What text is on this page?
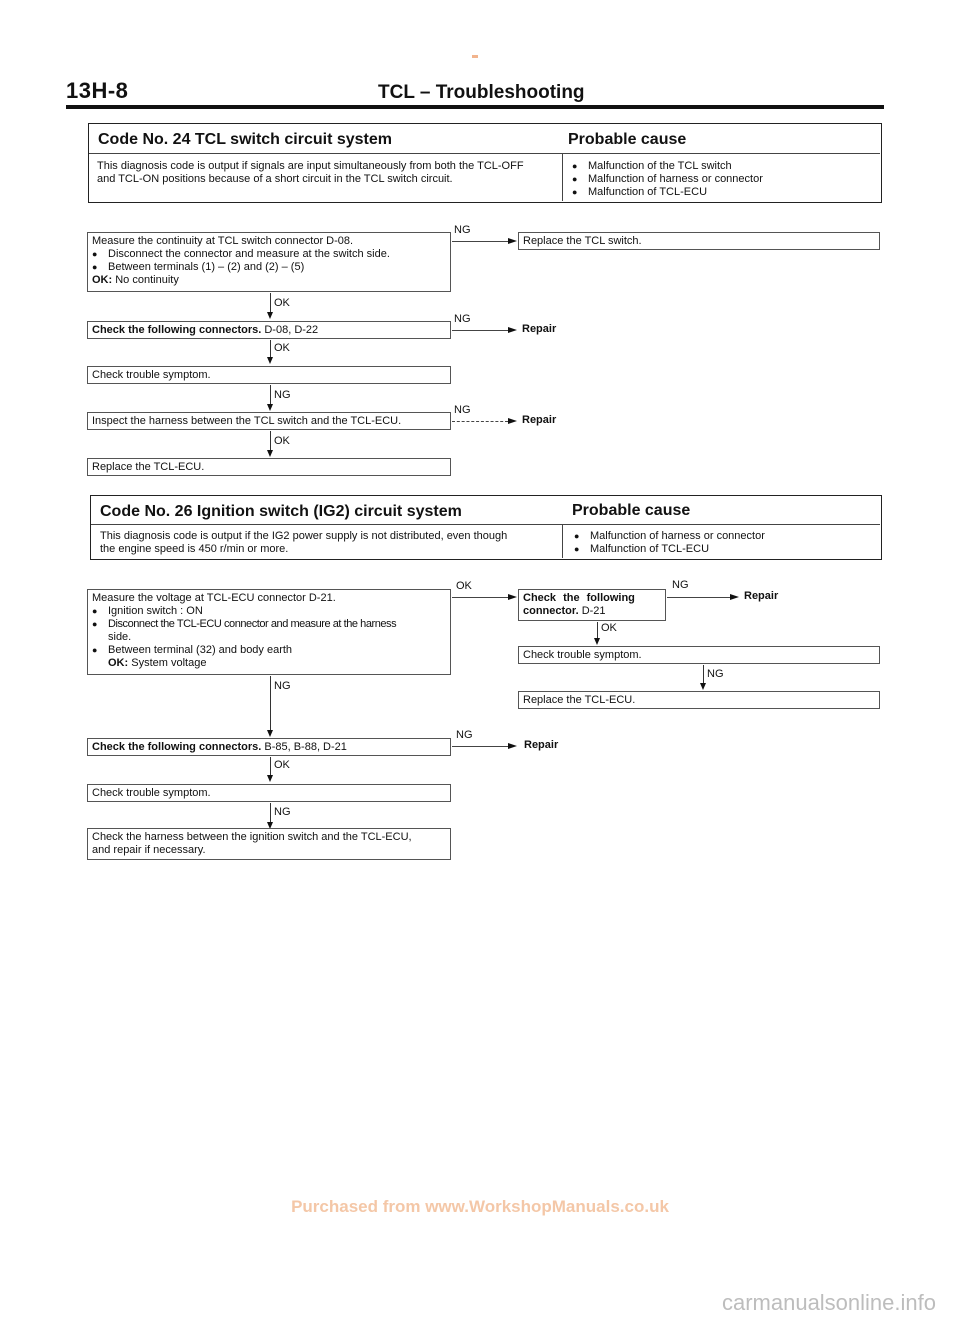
13H-8	TCL – Troubleshooting
Code No. 24 TCL switch circuit system	Probable cause
This diagnosis code is output if signals are input simultaneously from both the TCL-OFF
and TCL-ON positions because of a short circuit in the TCL switch circuit.
● Malfunction of the TCL switch
● Malfunction of harness or connector
● Malfunction of TCL-ECU
Measure the continuity at TCL switch connector D-08.
● Disconnect the connector and measure at the switch side.
● Between terminals (1) – (2) and (2) – (5)
OK: No continuity
NG
Replace the TCL switch.
OK
Check the following connectors. D-08, D-22
NG
Repair
OK
Check trouble symptom.
NG
Inspect the harness between the TCL switch and the TCL-ECU.
NG
Repair
OK
Replace the TCL-ECU.
Code No. 26 Ignition switch (IG2) circuit system	Probable cause
This diagnosis code is output if the IG2 power supply is not distributed, even though
the engine speed is 450 r/min or more.
● Malfunction of harness or connector
● Malfunction of TCL-ECU
Measure the voltage at TCL-ECU connector D-21.
● Ignition switch : ON
● Disconnect the TCL-ECU connector and measure at the harness
side.
● Between terminal (32) and body earth
OK: System voltage
OK
NG
Check the following connectors. B-85, B-88, D-21
NG
Repair
OK
Check trouble symptom.
NG
Check the harness between the ignition switch and the TCL-ECU,
and repair if necessary.
Check the following
connector. D-21
NG
Repair
OK
Check trouble symptom.
NG
Replace the TCL-ECU.
Purchased from www.WorkshopManuals.co.uk
carmanualsonline.info
